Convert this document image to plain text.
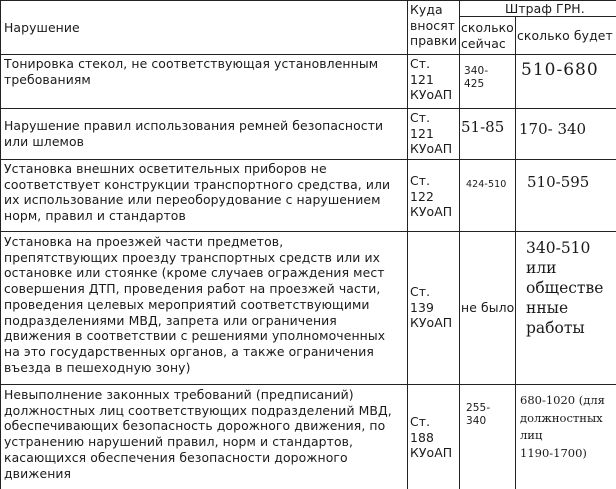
Нарушение
Куда
вносят
правки
Штраф ГРН.
сколько
сейчас
сколько будет
Тонировка стекол, не соответствующая установленным
требованиям
Ст.
121
КУоАП
340-
425
510-680
Нарушение правил использования ремней безопасности
или шлемов
Ст.
121
КУоАП
51-85 170- 340
Установка внешних осветительных приборов не
соответствует конструкции транспортного средства, или
их использование или переоборудование с нарушением
норм, правил и стандартов
Ст.
122
КУоАП
424-510	510-595
Установка на проезжей части предметов,
препятствующих проезду транспортных средств или их
остановке или стоянке (кроме случаев ограждения мест
совершения ДТП, проведения работ на проезжей части,
проведения целевых мероприятий соответствующими
подразделениями МВД, запрета или ограничения
движения в соответствии с решениями уполномоченных
на это государственных органов, а также ограничения
въезда в пешеходную зону)
Ст.
139
КУоАП
не было
340-510
или
обществе
нные
работы
Невыполнение законных требований (предписаний)
должностных лиц соответствующих подразделений МВД,
обеспечивающих безопасность дорожного движения, по
устранению нарушений правил, норм и стандартов,
касающихся обеспечения безопасности дорожного
движения
Ст.
188
КУоАП
255-
340
680-1020 (для
должностных
лиц
1190-1700)
